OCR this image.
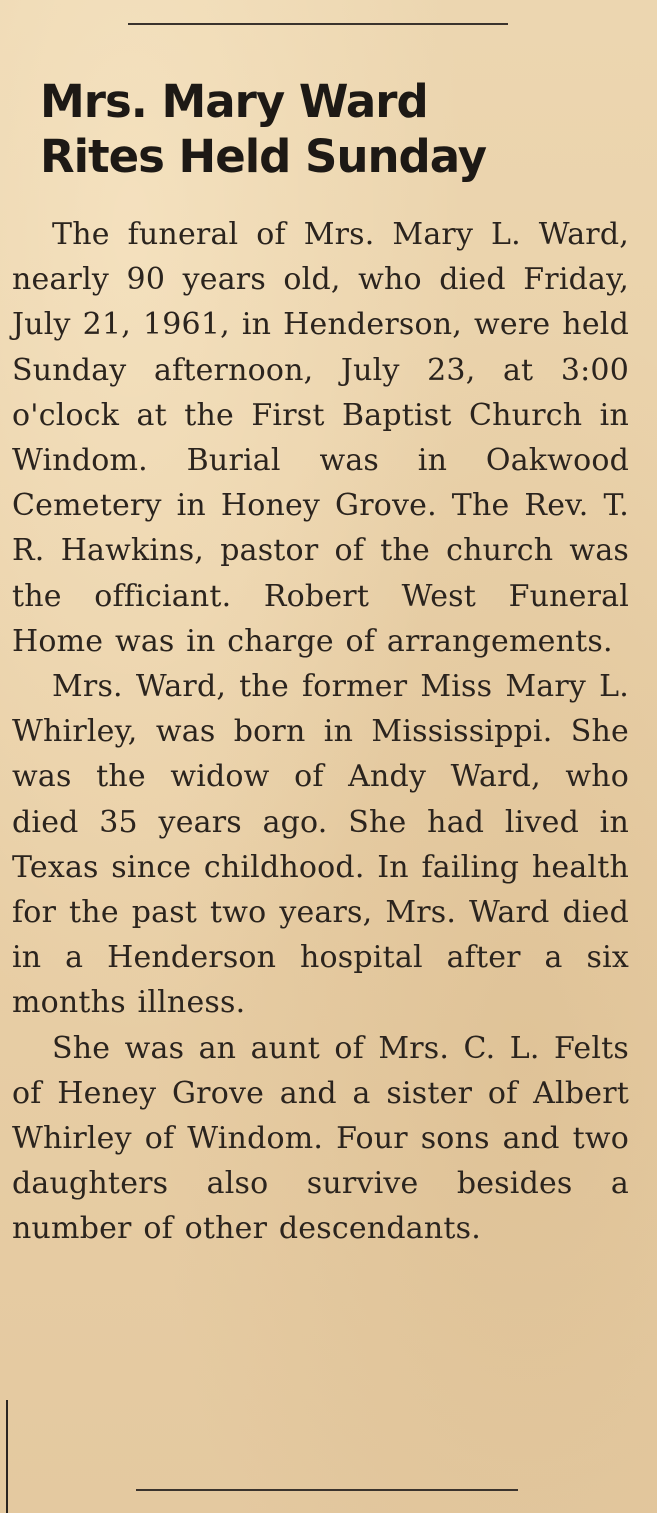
Mrs. Mary Ward
Rites Held Sunday

The funeral of Mrs. Mary L. Ward, nearly 90 years old, who died Friday, July 21, 1961, in Henderson, were held Sunday afternoon, July 23, at 3:00 o'clock at the First Baptist Church in Windom. Burial was in Oakwood Cemetery in Honey Grove. The Rev. T. R. Hawkins, pastor of the church was the officiant. Robert West Funeral Home was in charge of arrangements.

Mrs. Ward, the former Miss Mary L. Whirley, was born in Mississippi. She was the widow of Andy Ward, who died 35 years ago. She had lived in Texas since childhood. In failing health for the past two years, Mrs. Ward died in a Henderson hospital after a six months illness.

She was an aunt of Mrs. C. L. Felts of Heney Grove and a sister of Albert Whirley of Windom. Four sons and two daughters also survive besides a number of other descendants.
